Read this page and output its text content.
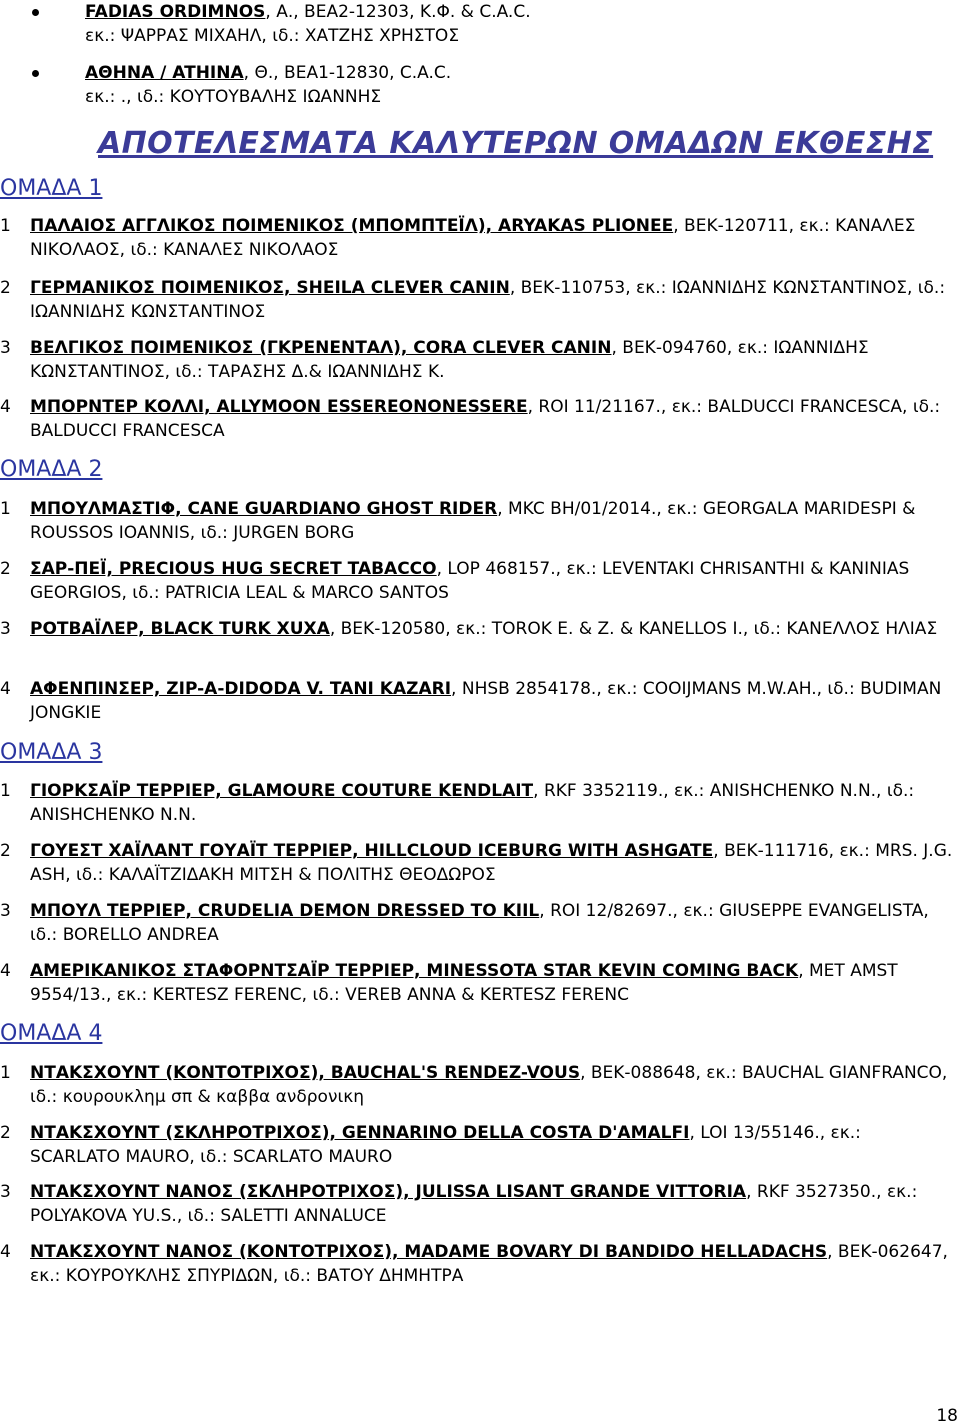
FADIAS ORDIMNOS, Α., ΒΕΑ2-12303, Κ.Φ. & C.A.C.
εκ.: ΨΑΡΡΑΣ ΜΙΧΑΗΛ, ιδ.: ΧΑΤΖΗΣ ΧΡΗΣΤΟΣ
ΑΘΗΝΑ / ATHINA, Θ., ΒΕΑ1-12830, C.A.C.
εκ.: ., ιδ.: ΚΟΥΤΟΥΒΑΛΗΣ ΙΩΑΝΝΗΣ
ΑΠΟΤΕΛΕΣΜΑΤΑ ΚΑΛΥΤΕΡΩΝ ΟΜΑΔΩΝ ΕΚΘΕΣΗΣ
ΟΜΑΔΑ 1
1	ΠΑΛΑΙΟΣ ΑΓΓΛΙΚΟΣ ΠΟΙΜΕΝΙΚΟΣ (ΜΠΟΜΠΤΕΪΛ), ARYAKAS PLIONEE, ΒΕΚ-120711, εκ.: ΚΑΝΑΛΕΣ ΝΙΚΟΛΑΟΣ, ιδ.: ΚΑΝΑΛΕΣ ΝΙΚΟΛΑΟΣ
2	ΓΕΡΜΑΝΙΚΟΣ ΠΟΙΜΕΝΙΚΟΣ, SHEILA CLEVER CANIN, ΒΕΚ-110753, εκ.: ΙΩΑΝΝΙΔΗΣ ΚΩΝΣΤΑΝΤΙΝΟΣ, ιδ.: ΙΩΑΝΝΙΔΗΣ ΚΩΝΣΤΑΝΤΙΝΟΣ
3	ΒΕΛΓΙΚΟΣ ΠΟΙΜΕΝΙΚΟΣ (ΓΚΡΕΝΕΝΤΑΛ), CORA CLEVER CANIN, ΒΕΚ-094760, εκ.: ΙΩΑΝΝΙΔΗΣ ΚΩΝΣΤΑΝΤΙΝΟΣ, ιδ.: ΤΑΡΑΣΗΣ Δ.& ΙΩΑΝΝΙΔΗΣ Κ.
4	ΜΠΟΡΝΤΕΡ ΚΟΛΛΙ, ALLYMOON ESSEREONONESSERE, ROI 11/21167., εκ.: BALDUCCI FRANCESCA, ιδ.: BALDUCCI FRANCESCA
ΟΜΑΔΑ 2
1	ΜΠΟΥΛΜΑΣΤΙΦ, CANE GUARDIANO GHOST RIDER, MKC BH/01/2014., εκ.: GEORGALA MARIDESPI & ROUSSOS IOANNIS, ιδ.: JURGEN BORG
2	ΣΑΡ-ΠΕΪ, PRECIOUS HUG SECRET TABACCO, LOP 468157., εκ.: LEVENTAKI CHRISANTHI & KANINIAS GEORGIOS, ιδ.: PATRICIA LEAL & MARCO SANTOS
3	ΡΟΤΒΑΪΛΕΡ, BLACK TURK XUXA, ΒΕΚ-120580, εκ.: TOROK E. & Z. & KANELLOS I., ιδ.: ΚΑΝΕΛΛΟΣ ΗΛΙΑΣ
4	ΑΦΕΝΠΙΝΣΕΡ, ZIP-A-DIDODA V. TANI KAZARI, NHSB 2854178., εκ.: COOIJMANS M.W.AH., ιδ.: BUDIMAN JONGKIE
ΟΜΑΔΑ 3
1	ΓΙΟΡΚΣΑΪΡ ΤΕΡΡΙΕΡ, GLAMOURE COUTURE KENDLAIT, RKF 3352119., εκ.: ANISHCHENKO N.N., ιδ.: ANISHCHENKO N.N.
2	ΓΟΥΕΣΤ ΧΑΪΛΑΝΤ ΓΟΥΑΪΤ ΤΕΡΡΙΕΡ, HILLCLOUD ICEBURG WITH ASHGATE, ΒΕΚ-111716, εκ.: MRS. J.G. ASH, ιδ.: ΚΑΛΑΪΤΖΙΔΑΚΗ ΜΙΤΣΗ & ΠΟΛΙΤΗΣ ΘΕΟΔΩΡΟΣ
3	ΜΠΟΥΛ ΤΕΡΡΙΕΡ, CRUDELIA DEMON DRESSED TO KIIL, ROI 12/82697., εκ.: GIUSEPPE EVANGELISTA, ιδ.: BORELLO ANDREA
4	ΑΜΕΡΙΚΑΝΙΚΟΣ ΣΤΑΦΟΡΝΤΣΑΪΡ ΤΕΡΡΙΕΡ, MINESSOTA STAR KEVIN COMING BACK, MET AMST 9554/13., εκ.: KERTESZ FERENC, ιδ.: VEREB ANNA & KERTESZ FERENC
ΟΜΑΔΑ 4
1	ΝΤΑΚΣΧΟΥΝΤ (ΚΟΝΤΟΤΡΙΧΟΣ), BAUCHAL'S RENDEZ-VOUS, ΒΕΚ-088648, εκ.: BAUCHAL GIANFRANCO, ιδ.: κουρουκλημ σπ & καββα ανδρονικη
2	ΝΤΑΚΣΧΟΥΝΤ (ΣΚΛΗΡΟΤΡΙΧΟΣ), GENNARINO DELLA COSTA D'AMALFI, LOI 13/55146., εκ.: SCARLATO MAURO, ιδ.: SCARLATO MAURO
3	ΝΤΑΚΣΧΟΥΝΤ ΝΑΝΟΣ (ΣΚΛΗΡΟΤΡΙΧΟΣ), JULISSA LISANT GRANDE VITTORIA, RKF 3527350., εκ.: POLYAKOVA YU.S., ιδ.: SALETTI ANNALUCE
4	ΝΤΑΚΣΧΟΥΝΤ ΝΑΝΟΣ (ΚΟΝΤΟΤΡΙΧΟΣ), MADAME BOVARY DI BANDIDO HELLADACHS, ΒΕΚ-062647, εκ.: ΚΟΥΡΟΥΚΛΗΣ ΣΠΥΡΙΔΩΝ, ιδ.: ΒΑΤΟΥ ΔΗΜΗΤΡΑ
18
